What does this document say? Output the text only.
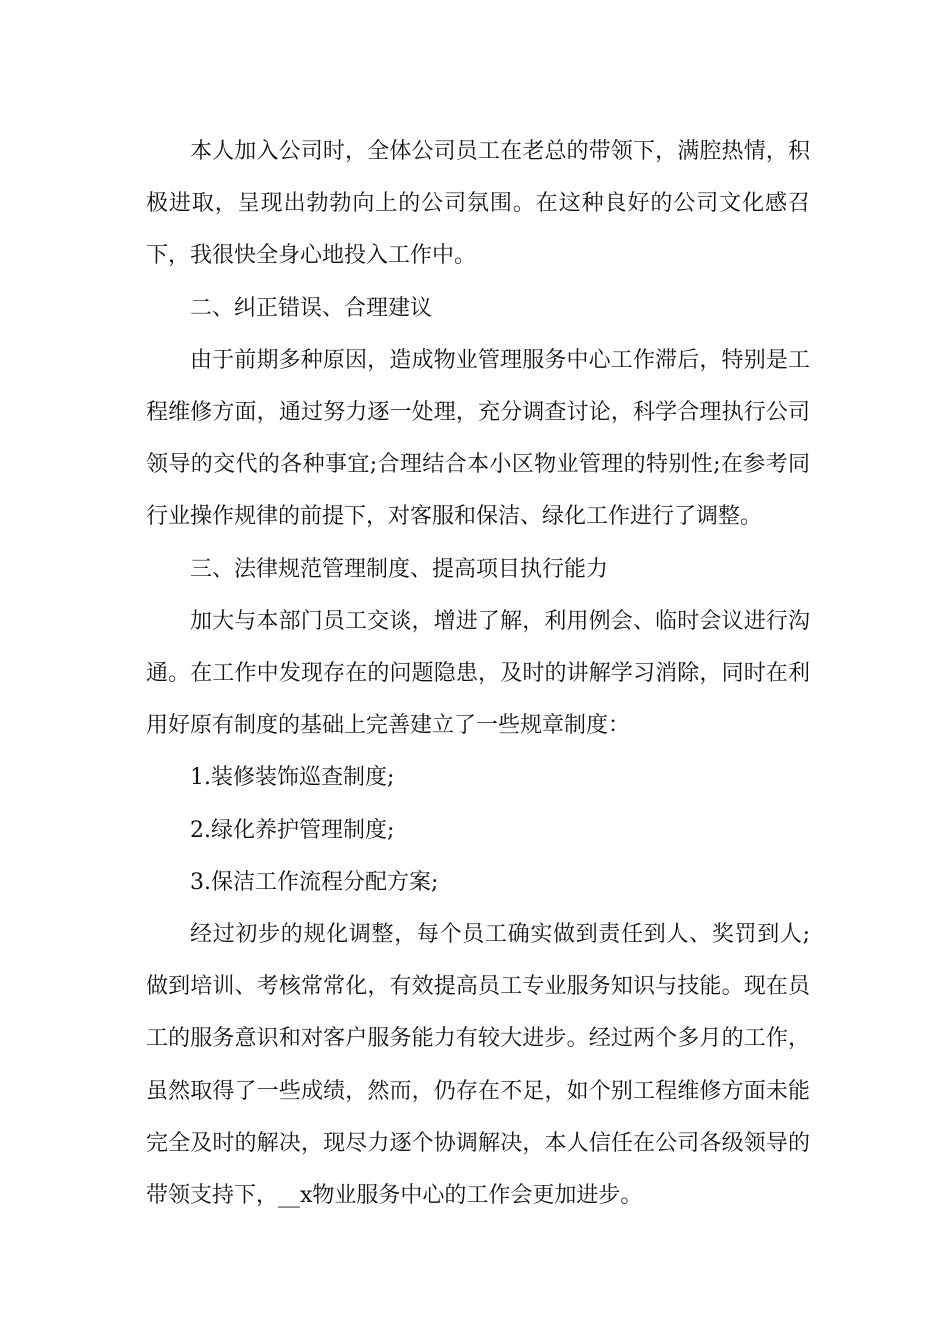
本人加入公司时，全体公司员工在老总的带领下，满腔热情，积极进取，呈现出勃勃向上的公司氛围。在这种良好的公司文化感召下，我很快全身心地投入工作中。

二、纠正错误、合理建议

由于前期多种原因，造成物业管理服务中心工作滞后，特别是工程维修方面，通过努力逐一处理，充分调查讨论，科学合理执行公司领导的交代的各种事宜;合理结合本小区物业管理的特别性;在参考同行业操作规律的前提下，对客服和保洁、绿化工作进行了调整。

三、法律规范管理制度、提高项目执行能力

加大与本部门员工交谈，增进了解，利用例会、临时会议进行沟通。在工作中发现存在的问题隐患，及时的讲解学习消除，同时在利用好原有制度的基础上完善建立了一些规章制度：

1.装修装饰巡查制度;

2.绿化养护管理制度;

3.保洁工作流程分配方案;

经过初步的规化调整，每个员工确实做到责任到人、奖罚到人;做到培训、考核常常化，有效提高员工专业服务知识与技能。现在员工的服务意识和对客户服务能力有较大进步。经过两个多月的工作，虽然取得了一些成绩，然而，仍存在不足，如个别工程维修方面未能完全及时的解决，现尽力逐个协调解决，本人信任在公司各级领导的带领支持下，__x物业服务中心的工作会更加进步。
